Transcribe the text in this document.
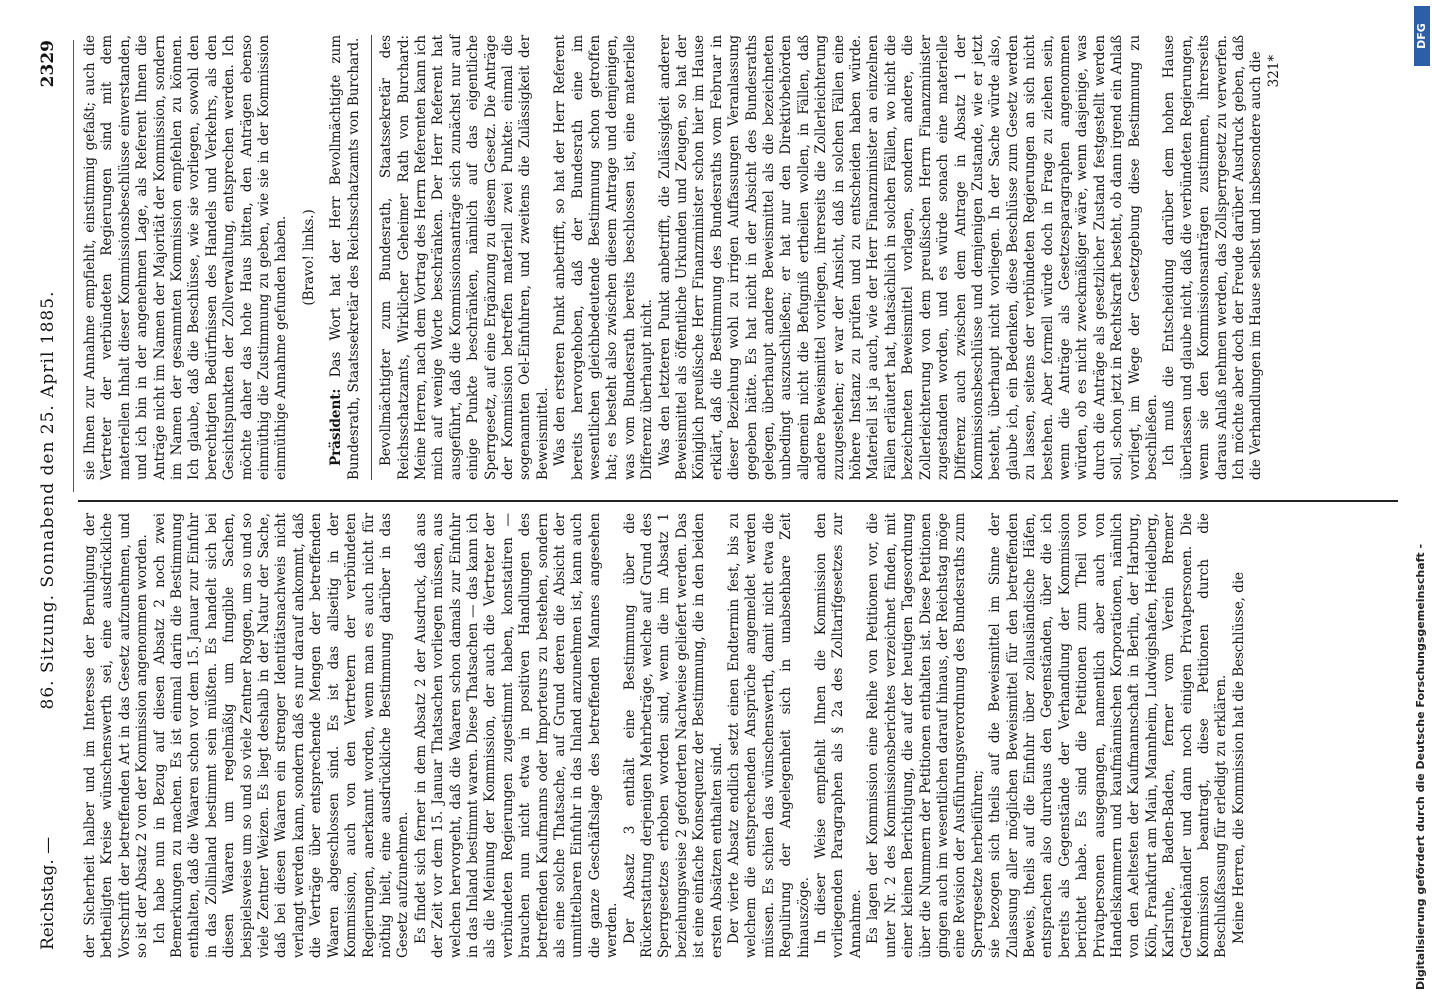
Reichstag. —
86. Sitzung. Sonnabend den 25. April 1885.
2329

der Sicherheit halber und im Interesse der Beruhigung der betheiligten Kreise wünschenswerth sei, eine ausdrückliche Vorschrift der betreffenden Art in das Gesetz aufzunehmen, und so ist der Absatz 2 von der Kommission angenommen worden. Ich habe nun in Bezug auf diesen Absatz 2 noch zwei Bemerkungen zu machen. Es ist einmal darin die Bestimmung enthalten, daß die Waaren schon vor dem 15. Januar zur Einfuhr in das Zollinland bestimmt sein müßten. Es handelt sich bei diesen Waaren um regelmäßig um fungible Sachen, beispielsweise um so und so viele Zentner Roggen, um so und so viele Zentner Weizen. Es liegt deshalb in der Natur der Sache, daß bei diesen Waaren ein strenger Identitätsnachweis nicht verlangt werden kann, sondern daß es nur darauf ankommt, daß die Verträge über entsprechende Mengen der betreffenden Waaren abgeschlossen sind. Es ist das allseitig in der Kommission, auch von den Vertretern der verbündeten Regierungen, anerkannt worden, wenn man es auch nicht für nöthig hielt, eine ausdrückliche Bestimmung darüber in das Gesetz aufzunehmen. Es findet sich ferner in dem Absatz 2 der Ausdruck, daß aus der Zeit vor dem 15. Januar Thatsachen vorliegen müssen, aus welchen hervorgeht, daß die Waaren schon damals zur Einfuhr in das Inland bestimmt waren. Diese Thatsachen — das kann ich als die Meinung der Kommission, der auch die Vertreter der verbündeten Regierungen zugestimmt haben, konstatiren — brauchen nun nicht etwa in positiven Handlungen des betreffenden Kaufmanns oder Importeurs zu bestehen, sondern als eine solche Thatsache, auf Grund deren die Absicht der unmittelbaren Einfuhr in das Inland anzunehmen ist, kann auch die ganze Geschäftslage des betreffenden Mannes angesehen werden. Der Absatz 3 enthält eine Bestimmung über die Rückerstattung derjenigen Mehrbeträge, welche auf Grund des Sperrgesetzes erhoben worden sind, wenn die im Absatz 1 beziehungsweise 2 geforderten Nachweise geliefert werden. Das ist eine einfache Konsequenz der Bestimmung, die in den beiden ersten Absätzen enthalten sind. Der vierte Absatz endlich setzt einen Endtermin fest, bis zu welchem die entsprechenden Ansprüche angemeldet werden müssen. Es schien das wünschenswerth, damit nicht etwa die Regulirung der Angelegenheit sich in unabsehbare Zeit hinauszöge. In dieser Weise empfiehlt Ihnen die Kommission den vorliegenden Paragraphen als § 2a des Zolltarifgesetzes zur Annahme. Es lagen der Kommission eine Reihe von Petitionen vor, die unter Nr. 2 des Kommissionsberichtes verzeichnet finden, mit einer kleinen Berichtigung, die auf der heutigen Tagesordnung über die Nummern der Petitionen enthalten ist. Diese Petitionen gingen auch im wesentlichen darauf hinaus, der Reichstag möge eine Revision der Ausführungsverordnung des Bundesraths zum Sperrgesetze herbeiführen; sie bezogen sich theils auf die Beweismittel im Sinne der Zulassung aller möglichen Beweismittel für den betreffenden Beweis, theils auf die Einfuhr über zollausländische Häfen, entsprachen also durchaus den Gegenständen, über die ich bereits als Gegenstände der Verhandlung der Kommission berichtet habe. Es sind die Petitionen zum Theil von Privatpersonen ausgegangen, namentlich aber auch von Handelskammern und kaufmännischen Korporationen, nämlich von den Aeltesten der Kaufmannschaft in Berlin, der Harburg, Köln, Frankfurt am Main, Mannheim, Ludwigshafen, Heidelberg, Karlsruhe, Baden-Baden, ferner vom Verein Bremer Getreidehändler und dann noch einigen Privatpersonen. Die Kommission beantragt, diese Petitionen durch die Beschlußfassung für erledigt zu erklären. Meine Herren, die Kommission hat die Beschlüsse, die

sie Ihnen zur Annahme empfiehlt, einstimmig gefaßt; auch die Vertreter der verbündeten Regierungen sind mit dem materiellen Inhalt dieser Kommissionsbeschlüsse einverstanden, und ich bin in der angenehmen Lage, als Referent Ihnen die Anträge nicht im Namen der Majorität der Kommission, sondern im Namen der gesammten Kommission empfehlen zu können. Ich glaube, daß die Beschlüsse, wie sie vorliegen, sowohl den berechtigten Bedürfnissen des Handels und Verkehrs, als den Gesichtspunkten der Zollverwaltung, entsprechen werden. Ich möchte daher das hohe Haus bitten, den Anträgen ebenso einmüthig die Zustimmung zu geben, wie sie in der Kommission einmüthige Annahme gefunden haben. (Bravo! links.)

Präsident: Das Wort hat der Herr Bevollmächtigte zum Bundesrath, Staatssekretär des Reichsschatzamts von Burchard. Bevollmächtigter zum Bundesrath, Staatssekretär des Reichsschatzamts, Wirklicher Geheimer Rath von Burchard: Meine Herren, nach dem Vortrag des Herrn Referenten kann ich mich auf wenige Worte beschränken. Der Herr Referent hat ausgeführt, daß die Kommissionsanträge sich zunächst nur auf einige Punkte beschränken, nämlich auf das eigentliche Sperrgesetz, auf eine Ergänzung zu diesem Gesetz. Die Anträge der Kommission betreffen materiell zwei Punkte: einmal die sogenannten Oel-Einfuhren, und zweitens die Zulässigkeit der Beweismittel. Was den ersteren Punkt anbetrifft, so hat der Herr Referent bereits hervorgehoben, daß der Bundesrath eine im wesentlichen gleichbedeutende Bestimmung schon getroffen hat; es besteht also zwischen diesem Antrage und demjenigen, was vom Bundesrath bereits beschlossen ist, eine materielle Differenz überhaupt nicht. Was den letzteren Punkt anbetrifft, die Zulässigkeit anderer Beweismittel als öffentliche Urkunden und Zeugen, so hat der Königlich preußische Herr Finanzminister schon hier im Hause erklärt, daß die Bestimmung des Bundesraths vom Februar in dieser Beziehung wohl zu irrigen Auffassungen Veranlassung gegeben hätte. Es hat nicht in der Absicht des Bundesraths gelegen, überhaupt andere Beweismittel als die bezeichneten unbedingt auszuschließen; er hat nur den Direktivbehörden allgemein nicht die Befugniß ertheilen wollen, in Fällen, daß andere Beweismittel vorliegen, ihrerseits die Zollerleichterung zuzugestehen; er war der Ansicht, daß in solchen Fällen eine höhere Instanz zu prüfen und zu entscheiden haben würde. Materiell ist ja auch, wie der Herr Finanzminister an einzelnen Fällen erläutert hat, thatsächlich in solchen Fällen, wo nicht die bezeichneten Beweismittel vorlagen, sondern andere, die Zollerleichterung von dem preußischen Herrn Finanzminister zugestanden worden, und es würde sonach eine materielle Differenz auch zwischen dem Antrage in Absatz 1 der Kommissionsbeschlüsse und demjenigen Zustande, wie er jetzt besteht, überhaupt nicht vorliegen. In der Sache würde also, glaube ich, ein Bedenken, diese Beschlüsse zum Gesetz werden zu lassen, seitens der verbündeten Regierungen an sich nicht bestehen. Aber formell würde doch in Frage zu ziehen sein, wenn die Anträge als Gesetzesparagraphen angenommen würden, ob es nicht zweckmäßiger wäre, wenn dasjenige, was durch die Anträge als gesetzlicher Zustand festgestellt werden soll, schon jetzt in Rechtskraft besteht, ob dann irgend ein Anlaß vorliegt, im Wege der Gesetzgebung diese Bestimmung zu beschließen. Ich muß die Entscheidung darüber dem hohen Hause überlassen und glaube nicht, daß die verbündeten Regierungen, wenn sie den Kommissionsanträgen zustimmen, ihrerseits daraus Anlaß nehmen werden, das Zollsperrgesetz zu verwerfen. Ich möchte aber doch der Freude darüber Ausdruck geben, daß die Verhandlungen im Hause selbst und insbesondere auch die 321*

Digitalisierung gefördert durch die Deutsche Forschungsgemeinschaft -
DFG
